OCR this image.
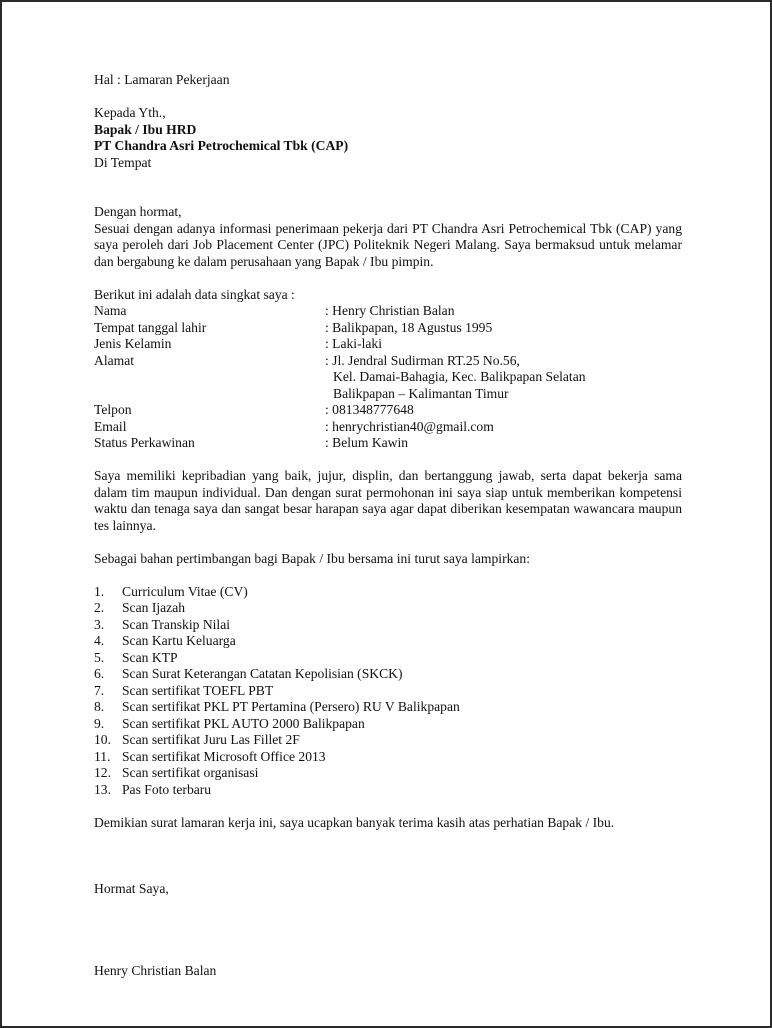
Hal : Lamaran Pekerjaan
Kepada Yth.,
Bapak / Ibu HRD
PT Chandra Asri Petrochemical Tbk (CAP)
Di Tempat
Dengan hormat,
Sesuai dengan adanya informasi penerimaan pekerja dari PT Chandra Asri Petrochemical Tbk (CAP) yang saya peroleh dari Job Placement Center (JPC) Politeknik Negeri Malang. Saya bermaksud untuk melamar dan bergabung ke dalam perusahaan yang Bapak / Ibu pimpin.
Berikut ini adalah data singkat saya :
Nama	: Henry Christian Balan
Tempat tanggal lahir	: Balikpapan, 18 Agustus 1995
Jenis Kelamin	: Laki-laki
Alamat	: Jl. Jendral Sudirman RT.25 No.56,
Kel. Damai-Bahagia, Kec. Balikpapan Selatan
Balikpapan – Kalimantan Timur
Telpon	: 081348777648
Email	: henrychristian40@gmail.com
Status Perkawinan	: Belum Kawin
Saya memiliki kepribadian yang baik, jujur, displin, dan bertanggung jawab, serta dapat bekerja sama dalam tim maupun individual. Dan dengan surat permohonan ini saya siap untuk memberikan kompetensi waktu dan tenaga saya dan sangat besar harapan saya agar dapat diberikan kesempatan wawancara maupun tes lainnya.
Sebagai bahan pertimbangan bagi Bapak / Ibu bersama ini turut saya lampirkan:
1.	Curriculum Vitae (CV)
2.	Scan Ijazah
3.	Scan Transkip Nilai
4.	Scan Kartu Keluarga
5.	Scan KTP
6.	Scan Surat Keterangan Catatan Kepolisian (SKCK)
7.	Scan sertifikat TOEFL PBT
8.	Scan sertifikat PKL PT Pertamina (Persero) RU V Balikpapan
9.	Scan sertifikat PKL AUTO 2000 Balikpapan
10. Scan sertifikat Juru Las Fillet 2F
11. Scan sertifikat Microsoft Office 2013
12. Scan sertifikat organisasi
13. Pas Foto terbaru
Demikian surat lamaran kerja ini, saya ucapkan banyak terima kasih atas perhatian Bapak / Ibu.
Hormat Saya,
Henry Christian Balan
